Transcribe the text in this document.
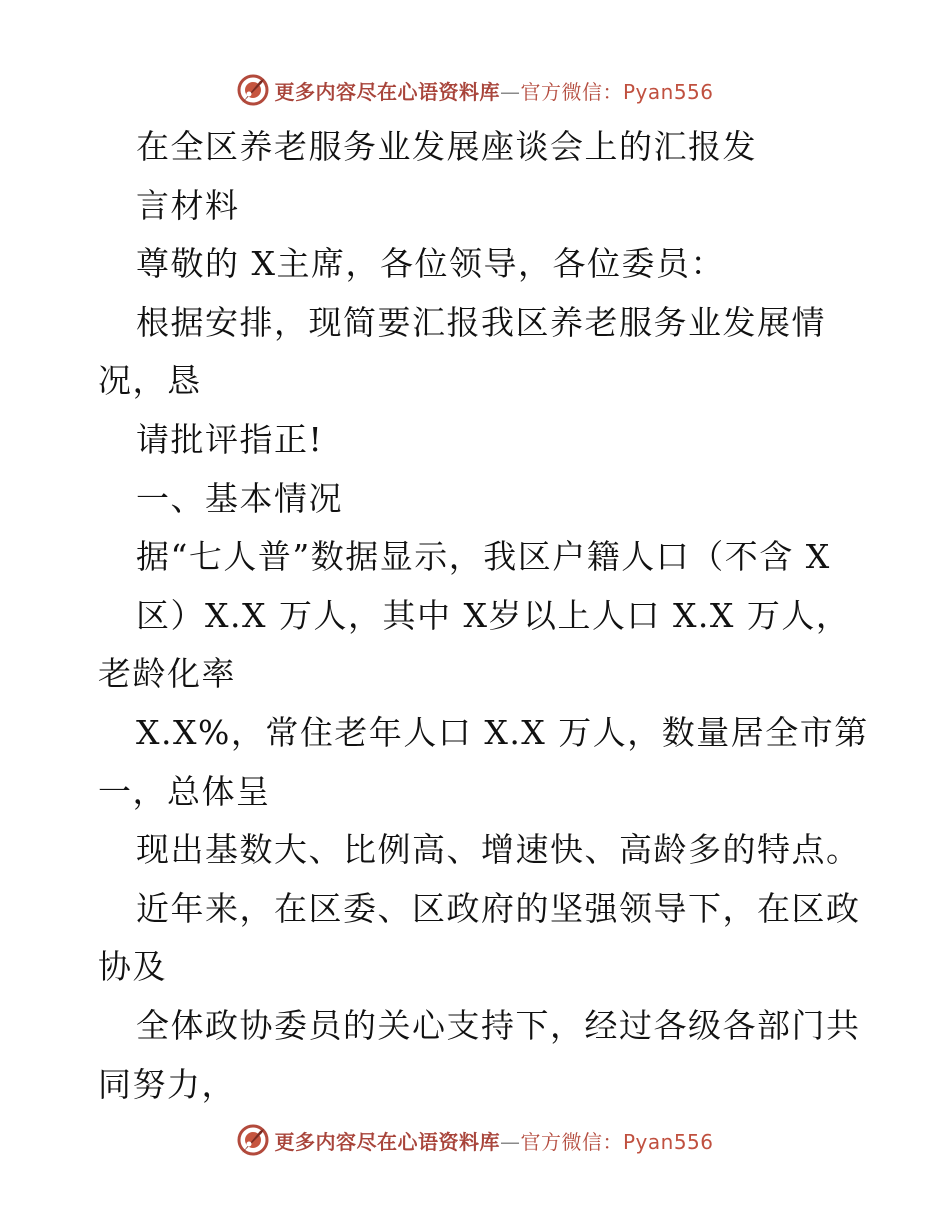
更多内容尽在心语资料库—官方微信：Pyan556
在全区养老服务业发展座谈会上的汇报发
言材料
尊敬的 X主席，各位领导，各位委员：
根据安排，现简要汇报我区养老服务业发展情
况，恳
请批评指正!
一、基本情况
据“七人普”数据显示，我区户籍人口（不含 X
区）X.X 万人，其中 X岁以上人口 X.X 万人，
老龄化率
X.X%，常住老年人口 X.X 万人，数量居全市第
一，总体呈
现出基数大、比例高、增速快、高龄多的特点。
近年来，在区委、区政府的坚强领导下，在区政
协及
全体政协委员的关心支持下，经过各级各部门共
同努力，
更多内容尽在心语资料库—官方微信：Pyan556
